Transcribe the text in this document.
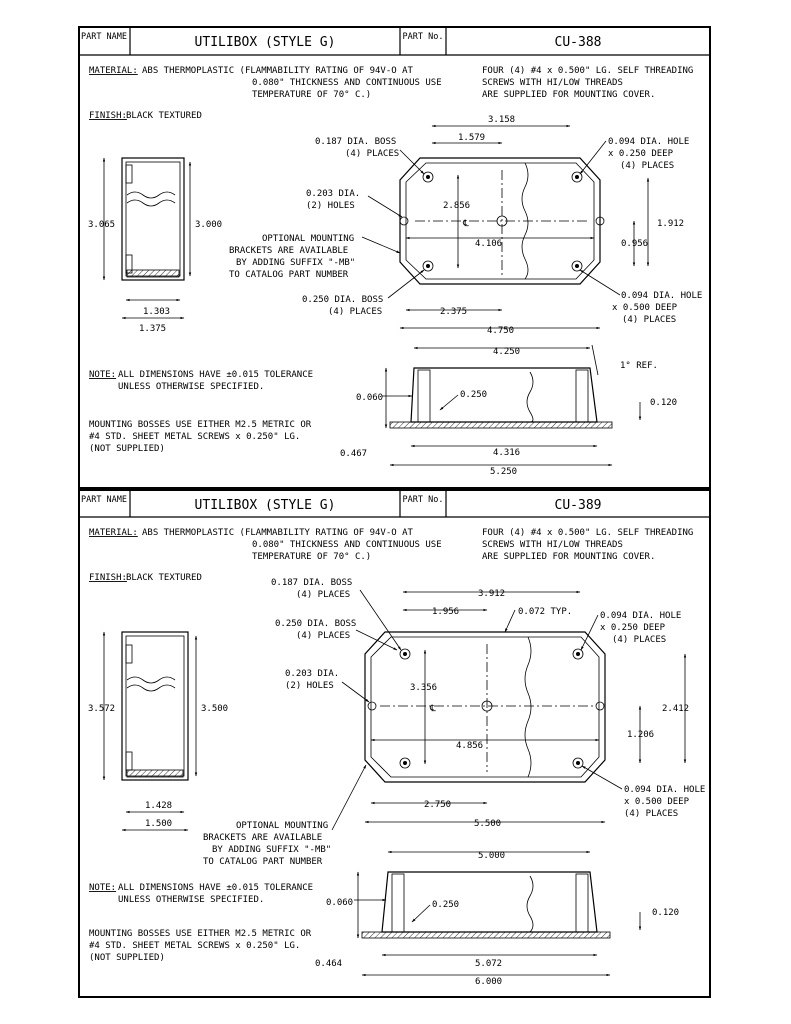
PART NAME	UTILIBOX (STYLE G)	PART No.	CU-388
MATERIAL: ABS THERMOPLASTIC (FLAMMABILITY RATING OF 94V-O AT
0.080" THICKNESS AND CONTINUOUS USE
TEMPERATURE OF 70° C.)
FOUR (4) #4 x 0.500" LG. SELF THREADING
SCREWS WITH HI/LOW THREADS
ARE SUPPLIED FOR MOUNTING COVER.
FINISH: BLACK TEXTURED
NOTE: ALL DIMENSIONS HAVE ±0.015 TOLERANCE
UNLESS OTHERWISE SPECIFIED.
MOUNTING BOSSES USE EITHER M2.5 METRIC OR
#4 STD. SHEET METAL SCREWS x 0.250" LG.
(NOT SUPPLIED)
3.065	3.000
1.303
1.375
℄
3.158
1.579
2.856
4.106
1.912
0.956
2.375
4.750
0.187 DIA. BOSS
(4) PLACES
0.203 DIA.
(2) HOLES
OPTIONAL MOUNTING
BRACKETS ARE AVAILABLE
BY ADDING SUFFIX "-MB"
TO CATALOG PART NUMBER
0.250 DIA. BOSS
(4) PLACES
0.094 DIA. HOLE
x 0.250 DEEP
(4) PLACES
0.094 DIA. HOLE
x 0.500 DEEP
(4) PLACES
4.250
1° REF.
0.060	0.250
0.120
0.467	4.316
5.250
PART NAME	UTILIBOX (STYLE G)	PART No.	CU-389
MATERIAL: ABS THERMOPLASTIC (FLAMMABILITY RATING OF 94V-O AT
0.080" THICKNESS AND CONTINUOUS USE
TEMPERATURE OF 70° C.)
FOUR (4) #4 x 0.500" LG. SELF THREADING
SCREWS WITH HI/LOW THREADS
ARE SUPPLIED FOR MOUNTING COVER.
FINISH: BLACK TEXTURED
NOTE: ALL DIMENSIONS HAVE ±0.015 TOLERANCE
UNLESS OTHERWISE SPECIFIED.
MOUNTING BOSSES USE EITHER M2.5 METRIC OR
#4 STD. SHEET METAL SCREWS x 0.250" LG.
(NOT SUPPLIED)
3.572	3.500
1.428
1.500
℄
3.912
1.956	0.072 TYP.
3.356
4.856
2.412
1.206
2.750
5.500
0.187 DIA. BOSS
(4) PLACES
0.250 DIA. BOSS
(4) PLACES
0.203 DIA.
(2) HOLES
0.094 DIA. HOLE
x 0.250 DEEP
(4) PLACES
0.094 DIA. HOLE
x 0.500 DEEP
(4) PLACES
OPTIONAL MOUNTING
BRACKETS ARE AVAILABLE
BY ADDING SUFFIX "-MB"
TO CATALOG PART NUMBER
5.000
0.060	0.250
0.120
0.464	5.072
6.000
